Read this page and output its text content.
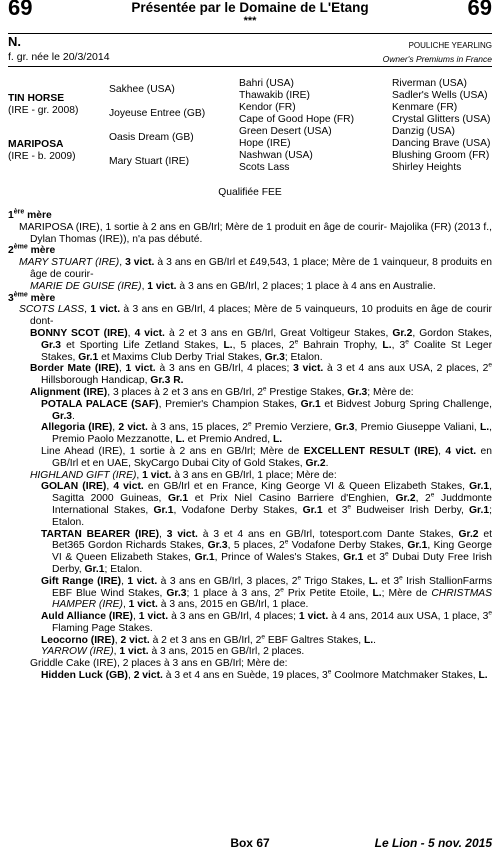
69	69
Présentée par le Domaine de L'Etang
***
N.
f. gr. née le 20/3/2014
POULICHE YEARLING
Owner's Premiums in France
TIN HORSE
(IRE - gr. 2008)
MARIPOSA
(IRE - b. 2009)
Sakhee (USA)
Joyeuse Entree (GB)
Oasis Dream (GB)
Mary Stuart (IRE)
Bahri (USA)
Thawakib (IRE)
Kendor (FR)
Cape of Good Hope (FR)
Green Desert (USA)
Hope (IRE)
Nashwan (USA)
Scots Lass
Riverman (USA)
Sadler's Wells (USA)
Kenmare (FR)
Crystal Glitters (USA)
Danzig (USA)
Dancing Brave (USA)
Blushing Groom (FR)
Shirley Heights
Qualifiée FEE

1ère mère

MARIPOSA (IRE), 1 sortie à 2 ans en GB/Irl; Mère de 1 produit en âge de courir- Majolika (FR) (2013 f., Dylan Thomas (IRE)), n'a pas débuté.

2ème mère

MARY STUART (IRE), 3 vict. à 3 ans en GB/Irl et £49,543, 1 place; Mère de 1 vainqueur, 8 produits en âge de courir-

MARIE DE GUISE (IRE), 1 vict. à 3 ans en GB/Irl, 2 places; 1 place à 4 ans en Australie.

3ème mère

SCOTS LASS, 1 vict. à 3 ans en GB/Irl, 4 places; Mère de 5 vainqueurs, 10 produits en âge de courir dont-

BONNY SCOT (IRE), 4 vict. à 2 et 3 ans en GB/Irl, Great Voltigeur Stakes, Gr.2, Gordon Stakes, Gr.3 et Sporting Life Zetland Stakes, L., 5 places, 2e Bahrain Trophy, L., 3e Coalite St Leger Stakes, Gr.1 et Maxims Club Derby Trial Stakes, Gr.3; Etalon.

Border Mate (IRE), 1 vict. à 3 ans en GB/Irl, 4 places; 3 vict. à 3 et 4 ans aux USA, 2 places, 2e Hillsborough Handicap, Gr.3 R.

Alignment (IRE), 3 places à 2 et 3 ans en GB/Irl, 2e Prestige Stakes, Gr.3; Mère de:

POTALA PALACE (SAF), Premier's Champion Stakes, Gr.1 et Bidvest Joburg Spring Challenge, Gr.3.

Allegoria (IRE), 2 vict. à 3 ans, 15 places, 2e Premio Verziere, Gr.3, Premio Giuseppe Valiani, L., Premio Paolo Mezzanotte, L. et Premio Andred, L.

Line Ahead (IRE), 1 sortie à 2 ans en GB/Irl; Mère de EXCELLENT RESULT (IRE), 4 vict. en GB/Irl et en UAE, SkyCargo Dubai City of Gold Stakes, Gr.2.

HIGHLAND GIFT (IRE), 1 vict. à 3 ans en GB/Irl, 1 place; Mère de:

GOLAN (IRE), 4 vict. en GB/Irl et en France, King George VI & Queen Elizabeth Stakes, Gr.1, Sagitta 2000 Guineas, Gr.1 et Prix Niel Casino Barriere d'Enghien, Gr.2, 2e Juddmonte International Stakes, Gr.1, Vodafone Derby Stakes, Gr.1 et 3e Budweiser Irish Derby, Gr.1; Etalon.

TARTAN BEARER (IRE), 3 vict. à 3 et 4 ans en GB/Irl, totesport.com Dante Stakes, Gr.2 et Bet365 Gordon Richards Stakes, Gr.3, 5 places, 2e Vodafone Derby Stakes, Gr.1, King George VI & Queen Elizabeth Stakes, Gr.1, Prince of Wales's Stakes, Gr.1 et 3e Dubai Duty Free Irish Derby, Gr.1; Etalon.

Gift Range (IRE), 1 vict. à 3 ans en GB/Irl, 3 places, 2e Trigo Stakes, L. et 3e Irish StallionFarms EBF Blue Wind Stakes, Gr.3; 1 place à 3 ans, 2e Prix Petite Etoile, L.; Mère de CHRISTMAS HAMPER (IRE), 1 vict. à 3 ans, 2015 en GB/Irl, 1 place.

Auld Alliance (IRE), 1 vict. à 3 ans en GB/Irl, 4 places; 1 vict. à 4 ans, 2014 aux USA, 1 place, 3e Flaming Page Stakes.

Leocorno (IRE), 2 vict. à 2 et 3 ans en GB/Irl, 2e EBF Galtres Stakes, L..

YARROW (IRE), 1 vict. à 3 ans, 2015 en GB/Irl, 2 places.

Griddle Cake (IRE), 2 places à 3 ans en GB/Irl; Mère de:

Hidden Luck (GB), 2 vict. à 3 et 4 ans en Suède, 19 places, 3e Coolmore Matchmaker Stakes, L.

Box 67	Le Lion - 5 nov. 2015
